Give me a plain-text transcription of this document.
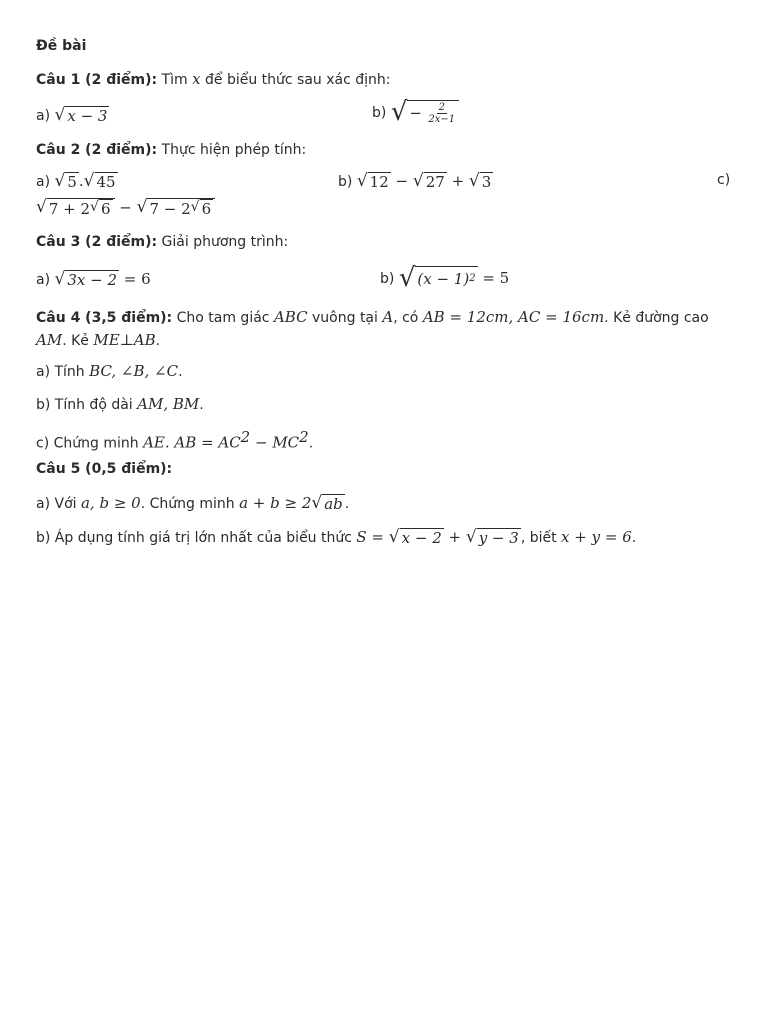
Đề bài
Câu 1 (2 điểm): Tìm x để biểu thức sau xác định:
a) √ x − 3	b) √ −
$\frac{2}{2x-1}$
Câu 2 (2 điểm): Thực hiện phép tính:
a) √ 5 . √ 45	b) √ 12 − √ 27 + √ 3	c)
√ 7 + 2 √ 6 − √ 7 − 2 √ 6
Câu 3 (2 điểm): Giải phương trình:
a) √ 3x − 2 = 6	b) √ (x − 1) 2 = 5
Câu 4 (3,5 điểm): Cho tam giác ABC vuông tại A, có AB = 12cm, AC = 16cm. Kẻ đường cao
AM. Kẻ ME⊥AB.
a) Tính BC, ∠B, ∠C.
b) Tính độ dài AM, BM.
c) Chứng minh AE. AB = $AC^2 - MC^2$.
Câu 5 (0,5 điểm):
a) Với a, b ≥ 0. Chứng minh a + b ≥ 2 √ ab .
b) Áp dụng tính giá trị lớn nhất của biểu thức S = √ x − 2 + √ y − 3 , biết x + y = 6.
